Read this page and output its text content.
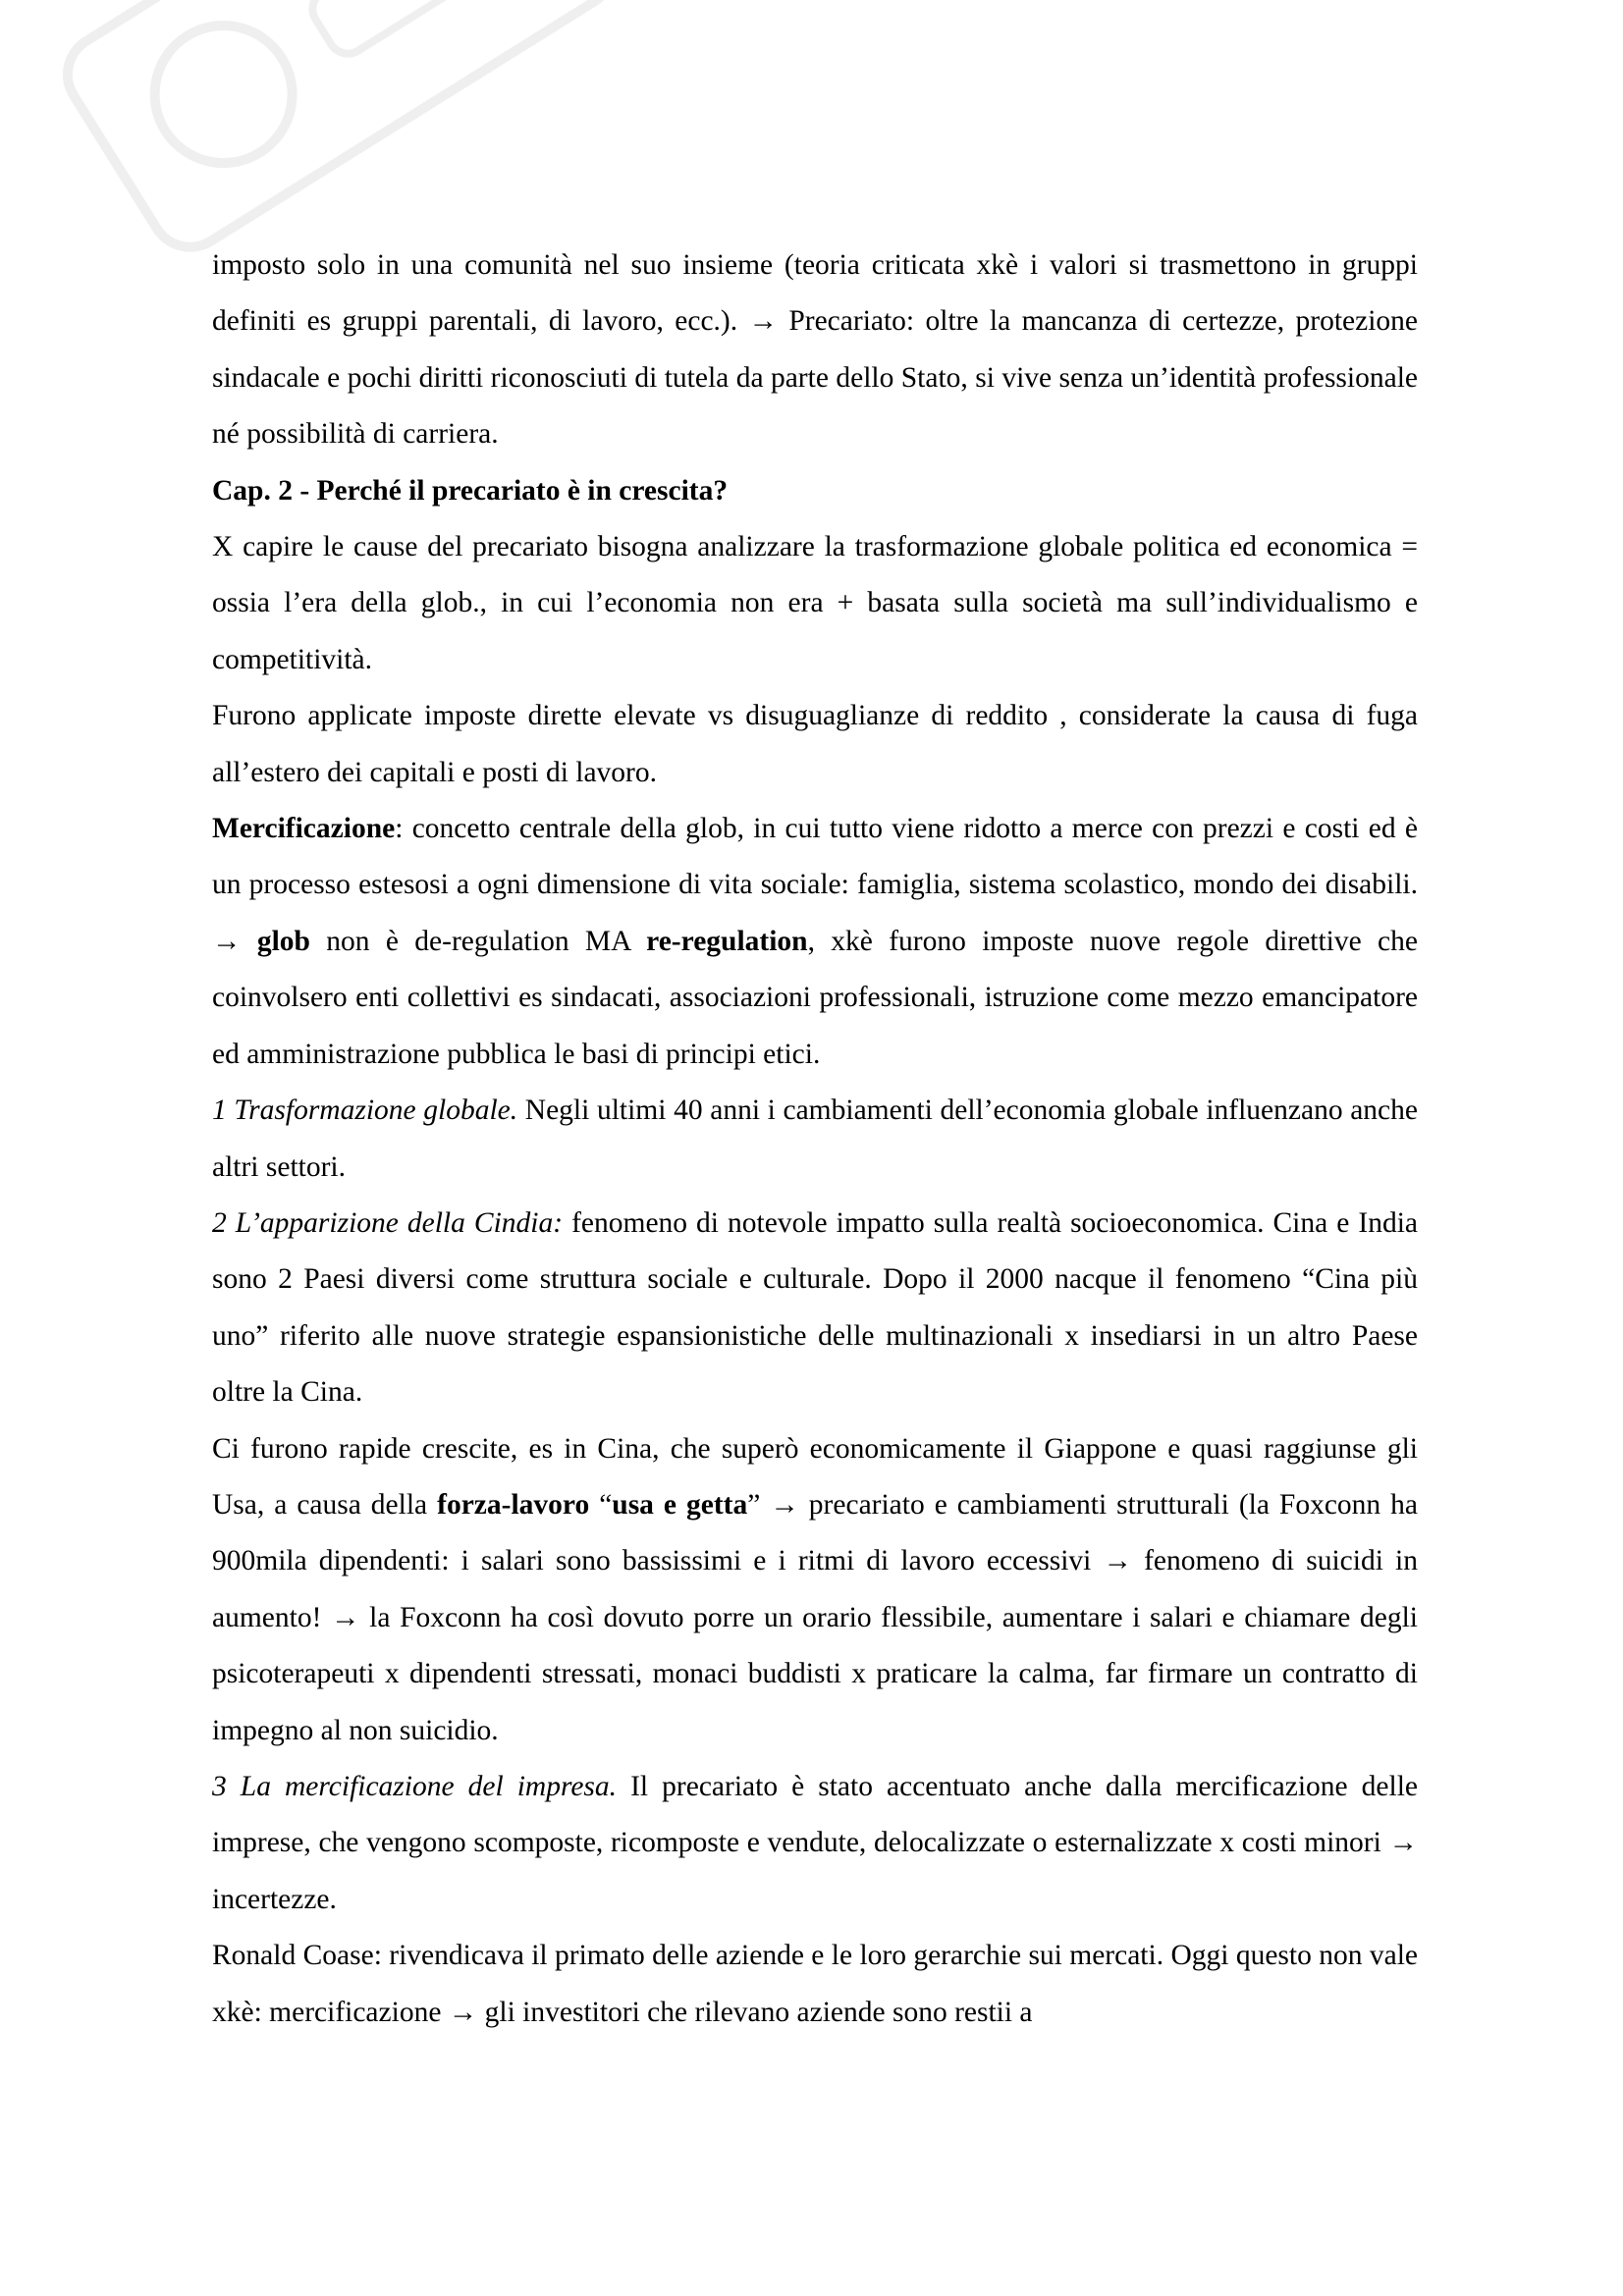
imposto solo in una comunità nel suo insieme (teoria criticata xkè i valori si trasmettono in gruppi definiti es gruppi parentali, di lavoro, ecc.). → Precariato: oltre la mancanza di certezze, protezione sindacale e pochi diritti riconosciuti di tutela da parte dello Stato, si vive senza un’identità professionale né possibilità di carriera.

Cap. 2 - Perché il precariato è in crescita?

X capire le cause del precariato bisogna analizzare la trasformazione globale politica ed economica = ossia l’era della glob., in cui l’economia non era + basata sulla società ma sull’individualismo e competitività.

Furono applicate imposte dirette elevate vs disuguaglianze di reddito , considerate la causa di fuga all’estero dei capitali e posti di lavoro.

Mercificazione: concetto centrale della glob, in cui tutto viene ridotto a merce con prezzi e costi ed è un processo estesosi a ogni dimensione di vita sociale: famiglia, sistema scolastico, mondo dei disabili. → glob non è de-regulation MA re-regulation, xkè furono imposte nuove regole direttive che coinvolsero enti collettivi es sindacati, associazioni professionali, istruzione come mezzo emancipatore ed amministrazione pubblica le basi di principi etici.

1 Trasformazione globale. Negli ultimi 40 anni i cambiamenti dell’economia globale influenzano anche altri settori.

2 L’apparizione della Cindia: fenomeno di notevole impatto sulla realtà socioeconomica. Cina e India sono 2 Paesi diversi come struttura sociale e culturale. Dopo il 2000 nacque il fenomeno “Cina più uno” riferito alle nuove strategie espansionistiche delle multinazionali x insediarsi in un altro Paese oltre la Cina.

Ci furono rapide crescite, es in Cina, che superò economicamente il Giappone e quasi raggiunse gli Usa, a causa della forza-lavoro “usa e getta” → precariato e cambiamenti strutturali (la Foxconn ha 900mila dipendenti: i salari sono bassissimi e i ritmi di lavoro eccessivi → fenomeno di suicidi in aumento! → la Foxconn ha così dovuto porre un orario flessibile, aumentare i salari e chiamare degli psicoterapeuti x dipendenti stressati, monaci buddisti x praticare la calma, far firmare un contratto di impegno al non suicidio.

3 La mercificazione del impresa. Il precariato è stato accentuato anche dalla mercificazione delle imprese, che vengono scomposte, ricomposte e vendute, delocalizzate o esternalizzate x costi minori → incertezze.

Ronald Coase: rivendicava il primato delle aziende e le loro gerarchie sui mercati. Oggi questo non vale xkè: mercificazione → gli investitori che rilevano aziende sono restii a
